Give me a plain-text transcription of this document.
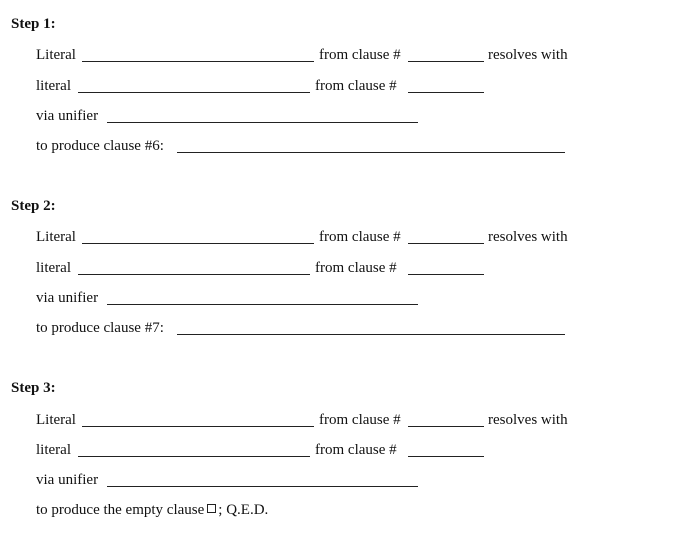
Step 1:
Literal	from clause #	resolves with
literal	from clause #
via unifier
to produce clause #6:
Step 2:
Literal	from clause #	resolves with
literal	from clause #
via unifier
to produce clause #7:
Step 3:
Literal	from clause #	resolves with
literal	from clause #
via unifier
to produce the empty clause ; Q.E.D.
